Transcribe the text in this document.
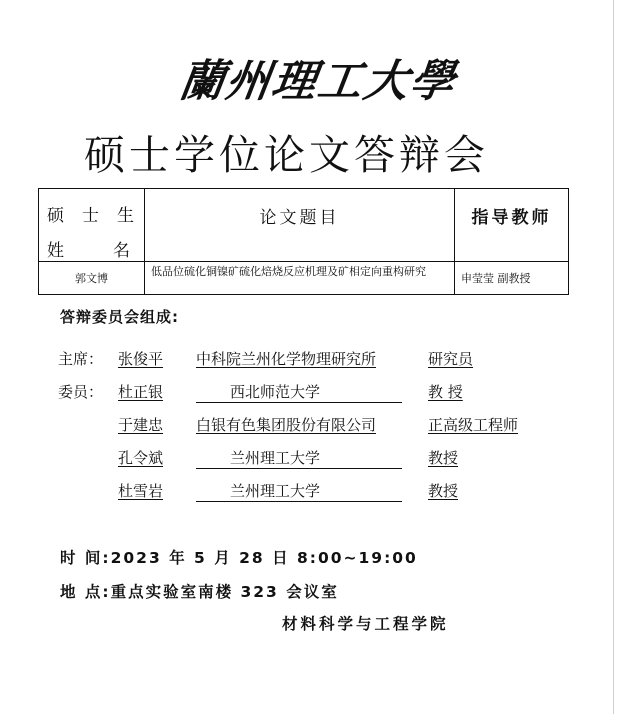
蘭州理工大學
硕士学位论文答辩会
硕 士 生
姓 名	论文题目	指导教师
郭文博	低品位硫化铜镍矿硫化焙烧反应机理及矿相定向重构研究	申莹莹 副教授
答辩委员会组成:
主席： 张俊平 中科院兰州化学物理研究所	研究员
委员： 杜正银	西北师范大学	教 授
于建忠 白银有色集团股份有限公司	正高级工程师
孔令斌	兰州理工大学	教授
杜雪岩	兰州理工大学	教授
时 间:2023 年 5 月 28 日 8:00~19:00
地 点:重点实验室南楼 323 会议室
材料科学与工程学院
